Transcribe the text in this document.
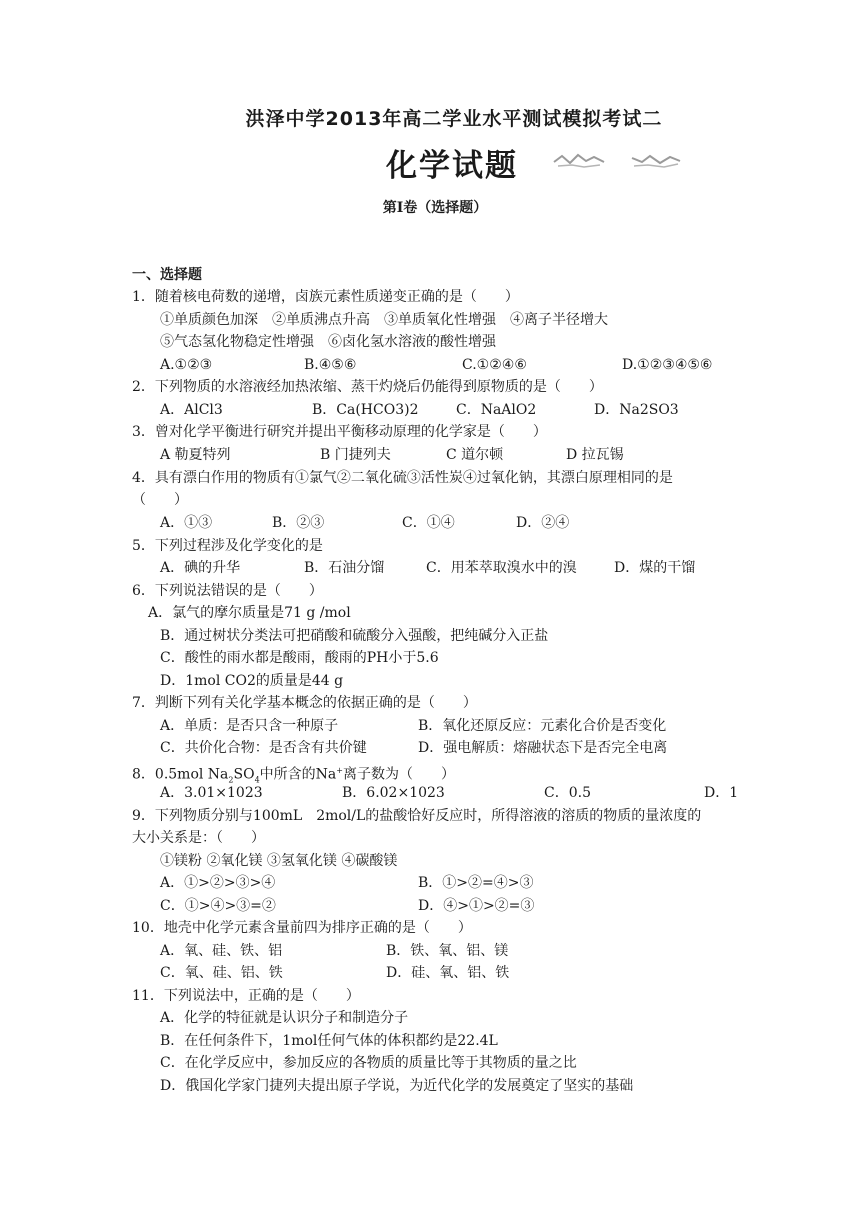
洪泽中学2013年高二学业水平测试模拟考试二
化学试题
第Ⅰ卷（选择题）
一、选择题
1．随着核电荷数的递增，卤族元素性质递变正确的是（　　）
①单质颜色加深　②单质沸点升高　③单质氧化性增强　④离子半径增大
⑤气态氢化物稳定性增强　⑥卤化氢水溶液的酸性增强
A.①②③	B.④⑤⑥	C.①②④⑥	D.①②③④⑤⑥
2．下列物质的水溶液经加热浓缩、蒸干灼烧后仍能得到原物质的是（　　）
A．AlCl3	B．Ca(HCO3)2	C．NaAlO2	D．Na2SO3
3．曾对化学平衡进行研究并提出平衡移动原理的化学家是（　　）
A 勒夏特列	B 门捷列夫	C 道尔顿	D 拉瓦锡
4．具有漂白作用的物质有①氯气②二氧化硫③活性炭④过氧化钠，其漂白原理相同的是
（　　）
A．①③	B．②③	C．①④	D．②④
5．下列过程涉及化学变化的是
A．碘的升华	B．石油分馏	C．用苯萃取溴水中的溴	D．煤的干馏
6．下列说法错误的是（　　）
A．氯气的摩尔质量是71 g /mol
B．通过树状分类法可把硝酸和硫酸分入强酸，把纯碱分入正盐
C．酸性的雨水都是酸雨，酸雨的PH小于5.6
D．1mol CO2的质量是44 g
7．判断下列有关化学基本概念的依据正确的是（　　）
A．单质：是否只含一种原子	B．氧化还原反应：元素化合价是否变化
C．共价化合物：是否含有共价键	D．强电解质：熔融状态下是否完全电离
8．0.5mol $Na_2SO_4$中所含的Na+离子数为（　　）
A．3.01×1023	B．6.02×1023	C．0.5	D．1
9．下列物质分别与100mL　2mol/L的盐酸恰好反应时，所得溶液的溶质的物质的量浓度的
大小关系是：（　　）
①镁粉 ②氧化镁 ③氢氧化镁 ④碳酸镁
A．①>②>③>④	B．①>②=④>③
C．①>④>③=②	D．④>①>②=③
10．地壳中化学元素含量前四为排序正确的是（　　）
A．氧、硅、铁、铝	B．铁、氧、铝、镁
C．氧、硅、铝、铁	D．硅、氧、铝、铁
11．下列说法中，正确的是（　　）
A．化学的特征就是认识分子和制造分子
B．在任何条件下，1mol任何气体的体积都约是22.4L
C．在化学反应中，参加反应的各物质的质量比等于其物质的量之比
D．俄国化学家门捷列夫提出原子学说，为近代化学的发展奠定了坚实的基础
